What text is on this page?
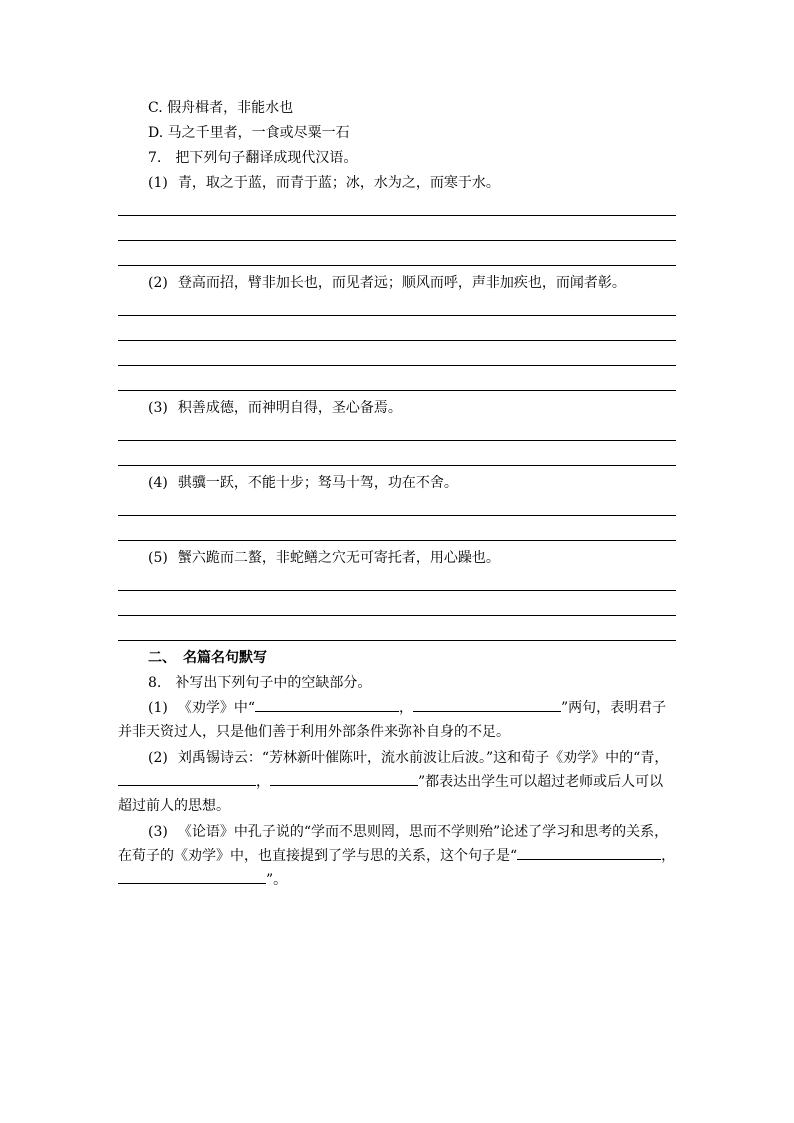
C. 假舟楫者，非能水也
D. 马之千里者，一食或尽粟一石
7.　把下列句子翻译成现代汉语。
(1) 青，取之于蓝，而青于蓝；冰，水为之，而寒于水。
(2) 登高而招，臂非加长也，而见者远；顺风而呼，声非加疾也，而闻者彰。
(3) 积善成德，而神明自得，圣心备焉。
(4) 骐骥一跃，不能十步；驽马十驾，功在不舍。
(5) 蟹六跪而二螯，非蛇鳝之穴无可寄托者，用心躁也。
二、　名篇名句默写
8.　补写出下列句子中的空缺部分。
(1) 《劝学》中“	，	”两句，表明君子并非天资过人，只是他们善于利用外部条件来弥补自身的不足。
(2) 刘禹锡诗云：“芳林新叶催陈叶，流水前波让后波。”这和荀子《劝学》中的“青，，	”都表达出学生可以超过老师或后人可以超过前人的思想。
(3) 《论语》中孔子说的“学而不思则罔，思而不学则殆”论述了学习和思考的关系，在荀子的《劝学》中，也直接提到了学与思的关系，这个句子是“	，”。
